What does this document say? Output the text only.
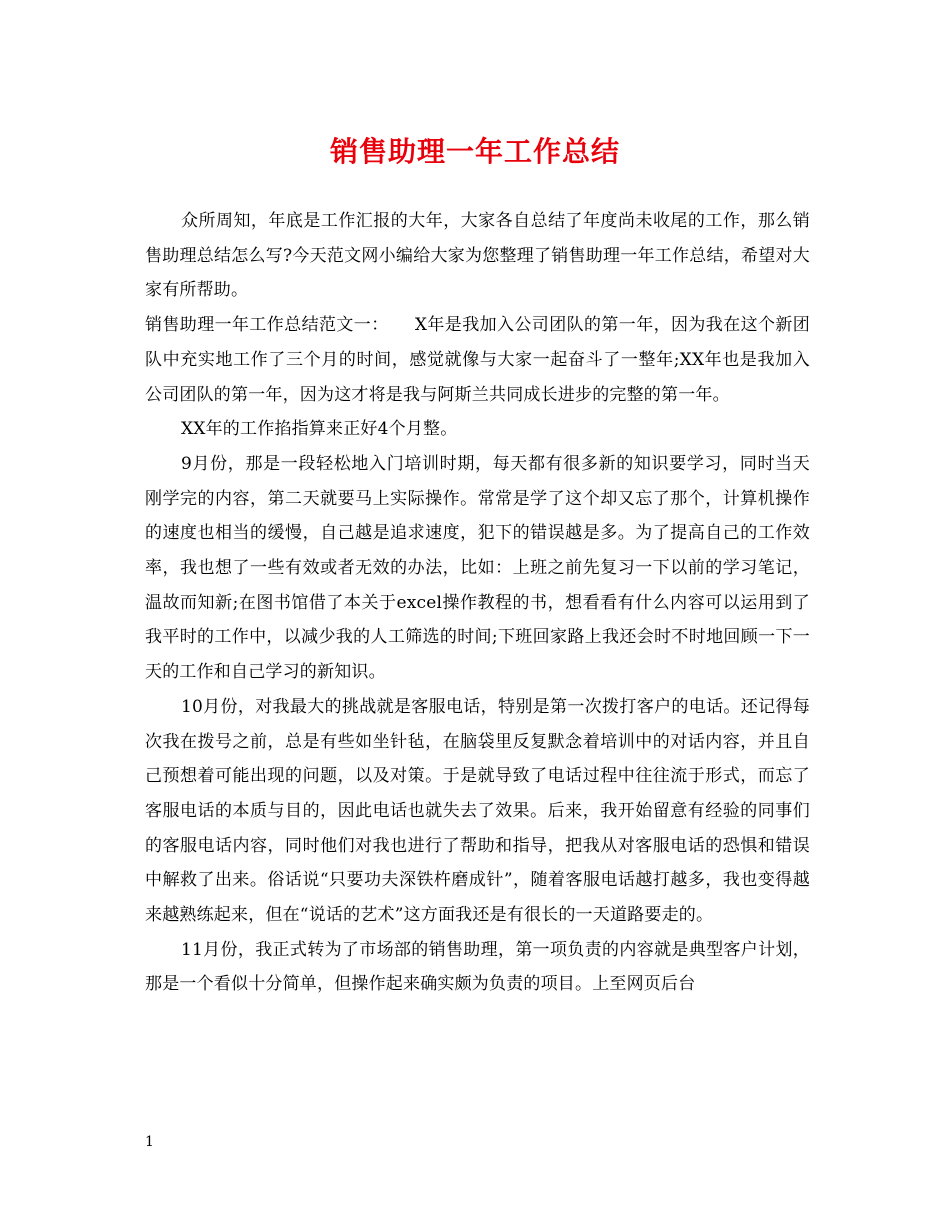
销售助理一年工作总结

众所周知，年底是工作汇报的大年，大家各自总结了年度尚未收尾的工作，那么销售助理总结怎么写?今天范文网小编给大家为您整理了销售助理一年工作总结，希望对大家有所帮助。

销售助理一年工作总结范文一：　　X年是我加入公司团队的第一年，因为我在这个新团队中充实地工作了三个月的时间，感觉就像与大家一起奋斗了一整年;XX年也是我加入公司团队的第一年，因为这才将是我与阿斯兰共同成长进步的完整的第一年。

XX年的工作掐指算来正好4个月整。

9月份，那是一段轻松地入门培训时期，每天都有很多新的知识要学习，同时当天刚学完的内容，第二天就要马上实际操作。常常是学了这个却又忘了那个，计算机操作的速度也相当的缓慢，自己越是追求速度，犯下的错误越是多。为了提高自己的工作效率，我也想了一些有效或者无效的办法，比如：上班之前先复习一下以前的学习笔记，温故而知新;在图书馆借了本关于excel操作教程的书，想看看有什么内容可以运用到了我平时的工作中，以减少我的人工筛选的时间;下班回家路上我还会时不时地回顾一下一天的工作和自己学习的新知识。

10月份，对我最大的挑战就是客服电话，特别是第一次拨打客户的电话。还记得每次我在拨号之前，总是有些如坐针毡，在脑袋里反复默念着培训中的对话内容，并且自己预想着可能出现的问题，以及对策。于是就导致了电话过程中往往流于形式，而忘了客服电话的本质与目的，因此电话也就失去了效果。后来，我开始留意有经验的同事们的客服电话内容，同时他们对我也进行了帮助和指导，把我从对客服电话的恐惧和错误中解救了出来。俗话说“只要功夫深铁杵磨成针”，随着客服电话越打越多，我也变得越来越熟练起来，但在“说话的艺术”这方面我还是有很长的一天道路要走的。

11月份，我正式转为了市场部的销售助理，第一项负责的内容就是典型客户计划，那是一个看似十分简单，但操作起来确实颇为负责的项目。上至网页后台

1
